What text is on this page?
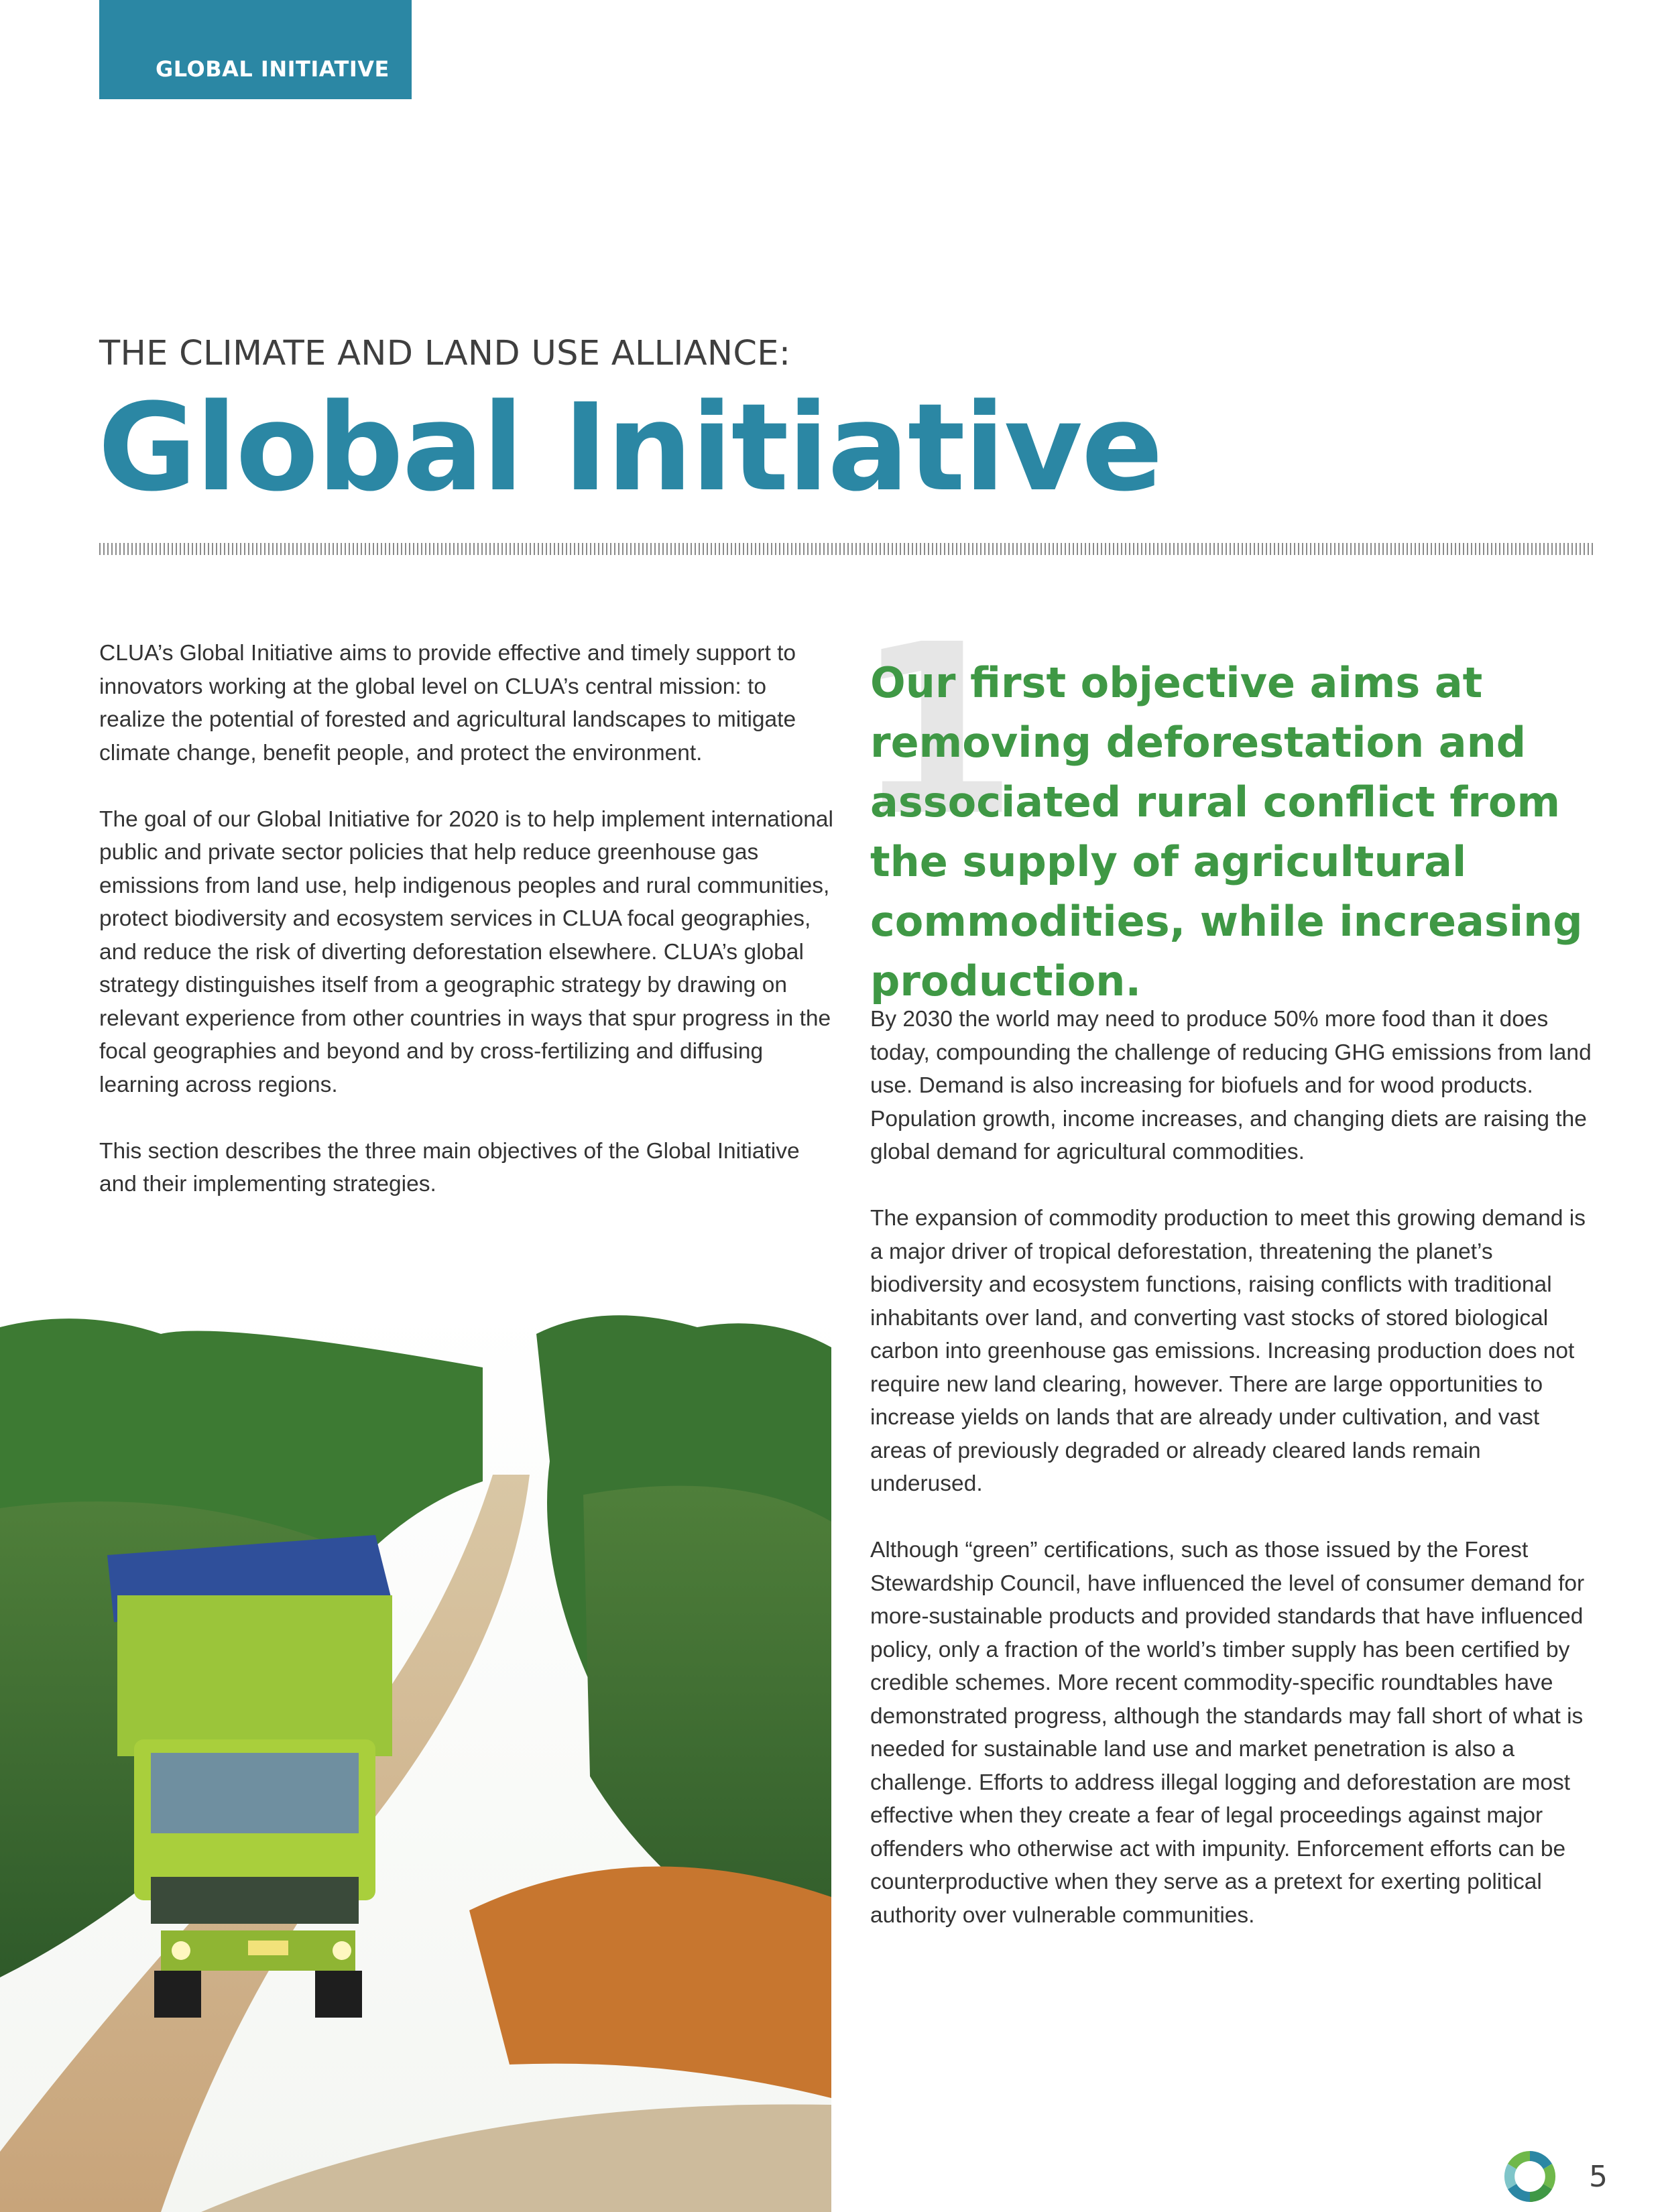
GLOBAL INITIATIVE
THE CLIMATE AND LAND USE ALLIANCE:
Global Initiative

CLUA’s Global Initiative aims to provide effective and timely support to innovators working at the global level on CLUA’s central mission: to realize the potential of forested and agricultural landscapes to mitigate climate change, benefit people, and protect the environment.

The goal of our Global Initiative for 2020 is to help implement international public and private sector policies that help reduce greenhouse gas emissions from land use, help indigenous peoples and rural communities, protect biodiversity and ecosystem services in CLUA focal geographies, and reduce the risk of diverting deforestation elsewhere. CLUA’s global strategy distinguishes itself from a geographic strategy by drawing on relevant experience from other countries in ways that spur progress in the focal geographies and beyond and by cross-fertilizing and diffusing learning across regions.

This section describes the three main objectives of the Global Initiative and their implementing strategies.

1
Our first objective aims at removing deforestation and associated rural conflict from the supply of agricultural commodities, while increasing production.

By 2030 the world may need to produce 50% more food than it does today, compounding the challenge of reducing GHG emissions from land use. Demand is also increasing for biofuels and for wood products. Population growth, income increases, and changing diets are raising the global demand for agricultural commodities.

The expansion of commodity production to meet this growing demand is a major driver of tropical deforestation, threatening the planet’s biodiversity and ecosystem functions, raising conflicts with traditional inhabitants over land, and converting vast stocks of stored biological carbon into greenhouse gas emissions. Increasing production does not require new land clearing, however. There are large opportunities to increase yields on lands that are already under cultivation, and vast areas of previously degraded or already cleared lands remain underused.

Although “green” certifications, such as those issued by the Forest Stewardship Council, have influenced the level of consumer demand for more-sustainable products and provided standards that have influenced policy, only a fraction of the world’s timber supply has been certified by credible schemes. More recent commodity-specific roundtables have demonstrated progress, although the standards may fall short of what is needed for sustainable land use and market penetration is also a challenge. Efforts to address illegal logging and deforestation are most effective when they create a fear of legal proceedings against major offenders who otherwise act with impunity. Enforcement efforts can be counterproductive when they serve as a pretext for exerting political authority over vulnerable communities.

5
